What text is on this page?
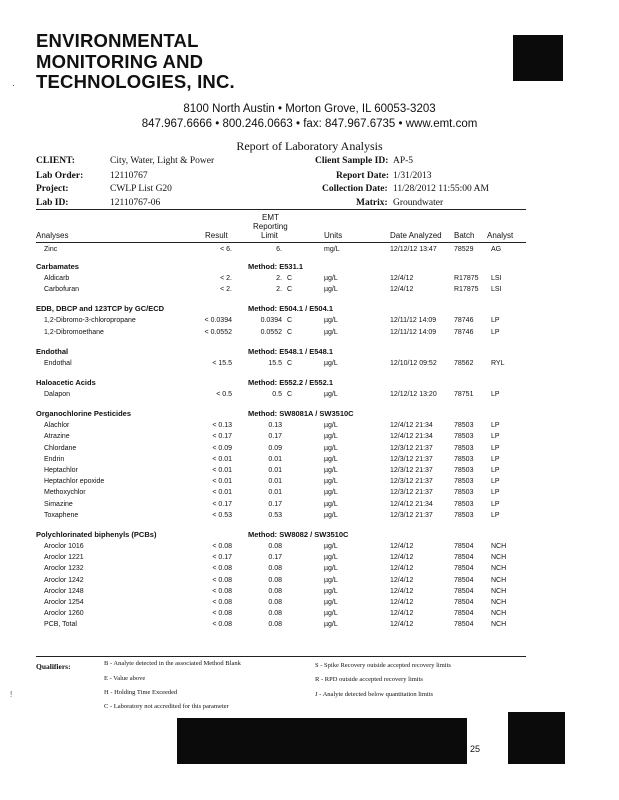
ENVIRONMENTAL
MONITORING AND
TECHNOLOGIES, INC.
·
8100 North Austin • Morton Grove, IL 60053-3203
847.967.6666 • 800.246.0663 • fax: 847.967.6735 • www.emt.com
Report of Laboratory Analysis
CLIENT:	City, Water, Light & Power
Lab Order:	12110767
Project:	CWLP List G20
Lab ID:	12110767-06
Client Sample ID: AP-5
Report Date: 1/31/2013
Collection Date: 11/28/2012 11:55:00 AM
Matrix: Groundwater
Analyses	Result
EMT
Reporting
Limit	Units	Date Analyzed Batch Analyst
Zinc	< 6.	6.	mg/L	12/12/12 13:47 78529	AG
Carbamates	Method: E531.1
Aldicarb	< 2.	2. C	µg/L	12/4/12	R17875 LSI
Carbofuran	< 2.	2. C	µg/L	12/4/12	R17875 LSI
EDB, DBCP and 123TCP by GC/ECD	Method: E504.1 / E504.1
1,2-Dibromo-3-chloropropane	< 0.0394	0.0394 C	µg/L	12/11/12 14:09	78746	LP
1,2-Dibromoethane	< 0.0552	0.0552 C	µg/L	12/11/12 14:09	78746	LP
Endothal	Method: E548.1 / E548.1
Endothal	< 15.5	15.5 C	µg/L	12/10/12 09:52 78562	RYL
Haloacetic Acids	Method: E552.2 / E552.1
Dalapon	< 0.5	0.5 C	µg/L	12/12/12 13:20 78751	LP
Organochlorine Pesticides	Method: SW8081A / SW3510C
Alachlor	< 0.13	0.13	µg/L	12/4/12 21:34	78503	LP
Atrazine	< 0.17	0.17	µg/L	12/4/12 21:34	78503	LP
Chlordane	< 0.09	0.09	µg/L	12/3/12 21:37	78503	LP
Endrin	< 0.01	0.01	µg/L	12/3/12 21:37	78503	LP
Heptachlor	< 0.01	0.01	µg/L	12/3/12 21:37	78503	LP
Heptachlor epoxide	< 0.01	0.01	µg/L	12/3/12 21:37	78503	LP
Methoxychlor	< 0.01	0.01	µg/L	12/3/12 21:37	78503	LP
Simazine	< 0.17	0.17	µg/L	12/4/12 21:34	78503	LP
Toxaphene	< 0.53	0.53	µg/L	12/3/12 21:37	78503	LP
Polychlorinated biphenyls (PCBs)	Method: SW8082 / SW3510C
Aroclor 1016	< 0.08	0.08	µg/L	12/4/12	78504	NCH
Aroclor 1221	< 0.17	0.17	µg/L	12/4/12	78504	NCH
Aroclor 1232	< 0.08	0.08	µg/L	12/4/12	78504	NCH
Aroclor 1242	< 0.08	0.08	µg/L	12/4/12	78504	NCH
Aroclor 1248	< 0.08	0.08	µg/L	12/4/12	78504	NCH
Aroclor 1254	< 0.08	0.08	µg/L	12/4/12	78504	NCH
Aroclor 1260	< 0.08	0.08	µg/L	12/4/12	78504	NCH
PCB, Total	< 0.08	0.08	µg/L	12/4/12	78504	NCH
Qualifiers:	B - Analyte detected in the associated Method Blank
E - Value above
H - Holding Time Exceeded
C - Laboratory not accredited for this parameter
S - Spike Recovery outside accepted recovery limits
R - RPD outside accepted recovery limits
J - Analyte detected below quantitation limits
!
25
